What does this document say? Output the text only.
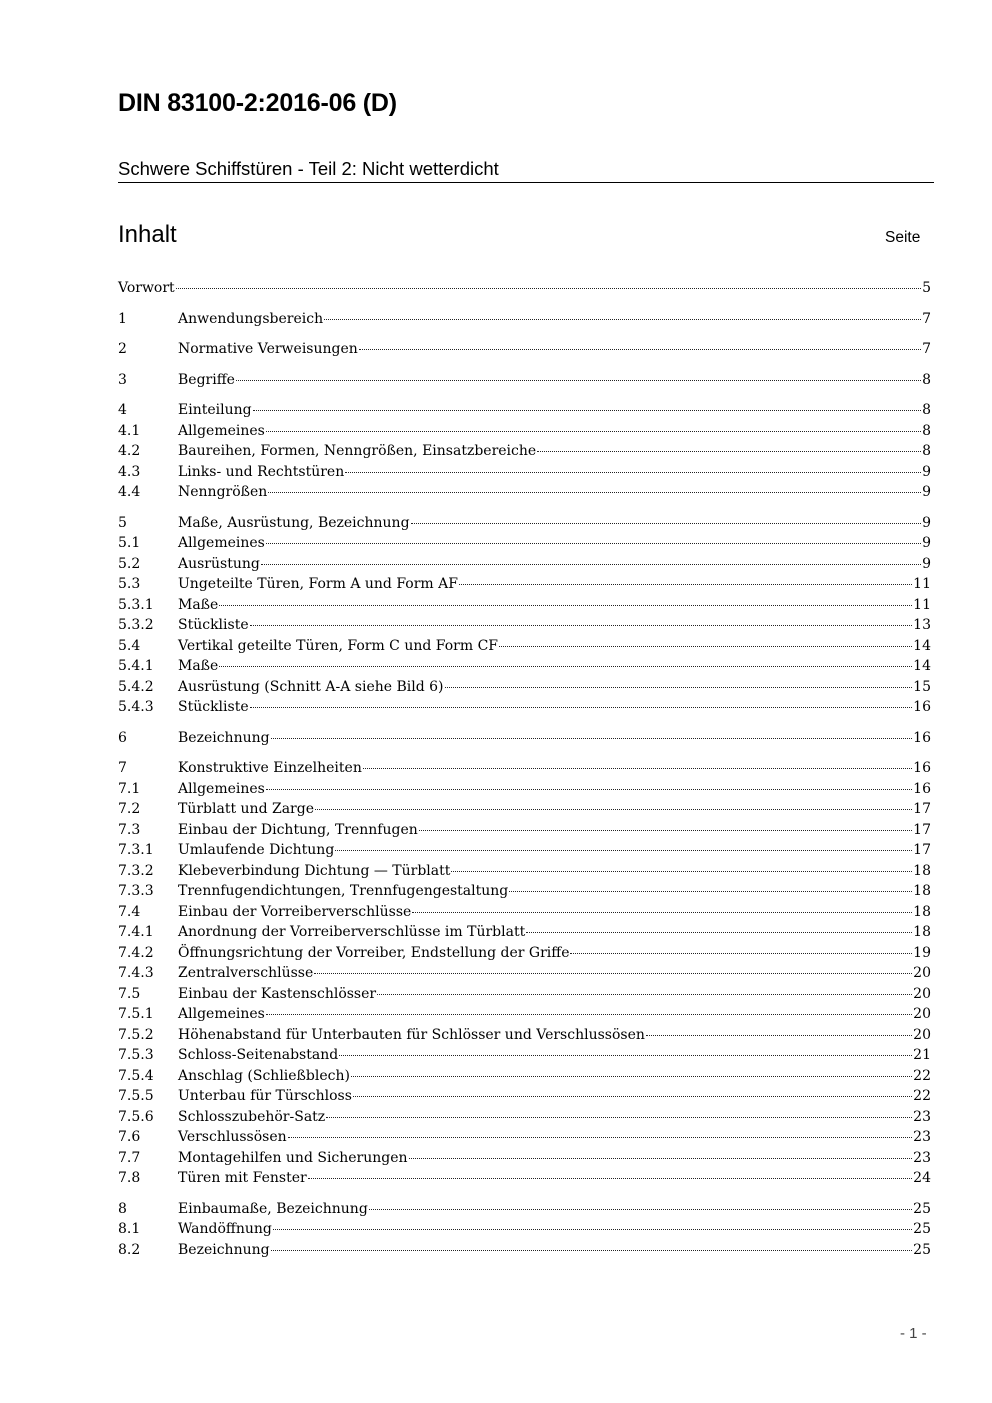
DIN 83100-2:2016-06 (D)
Schwere Schiffstüren - Teil 2: Nicht wetterdicht
Inhalt	Seite
Vorwort	5
1	Anwendungsbereich	7
2	Normative Verweisungen	7
3	Begriffe	8
4	Einteilung	8
4.1	Allgemeines	8
4.2	Baureihen, Formen, Nenngrößen, Einsatzbereiche	8
4.3	Links- und Rechtstüren	9
4.4	Nenngrößen	9
5	Maße, Ausrüstung, Bezeichnung	9
5.1	Allgemeines	9
5.2	Ausrüstung	9
5.3	Ungeteilte Türen, Form A und Form AF	11
5.3.1	Maße	11
5.3.2	Stückliste	13
5.4	Vertikal geteilte Türen, Form C und Form CF	14
5.4.1	Maße	14
5.4.2	Ausrüstung (Schnitt A-A siehe Bild 6)	15
5.4.3	Stückliste	16
6	Bezeichnung	16
7	Konstruktive Einzelheiten	16
7.1	Allgemeines	16
7.2	Türblatt und Zarge	17
7.3	Einbau der Dichtung, Trennfugen	17
7.3.1	Umlaufende Dichtung	17
7.3.2	Klebeverbindung Dichtung — Türblatt	18
7.3.3	Trennfugendichtungen, Trennfugengestaltung	18
7.4	Einbau der Vorreiberverschlüsse	18
7.4.1	Anordnung der Vorreiberverschlüsse im Türblatt	18
7.4.2	Öffnungsrichtung der Vorreiber, Endstellung der Griffe	19
7.4.3	Zentralverschlüsse	20
7.5	Einbau der Kastenschlösser	20
7.5.1	Allgemeines	20
7.5.2	Höhenabstand für Unterbauten für Schlösser und Verschlussösen	20
7.5.3	Schloss-Seitenabstand	21
7.5.4	Anschlag (Schließblech)	22
7.5.5	Unterbau für Türschloss	22
7.5.6	Schlosszubehör-Satz	23
7.6	Verschlussösen	23
7.7	Montagehilfen und Sicherungen	23
7.8	Türen mit Fenster	24
8	Einbaumaße, Bezeichnung	25
8.1	Wandöffnung	25
8.2	Bezeichnung	25
- 1 -
